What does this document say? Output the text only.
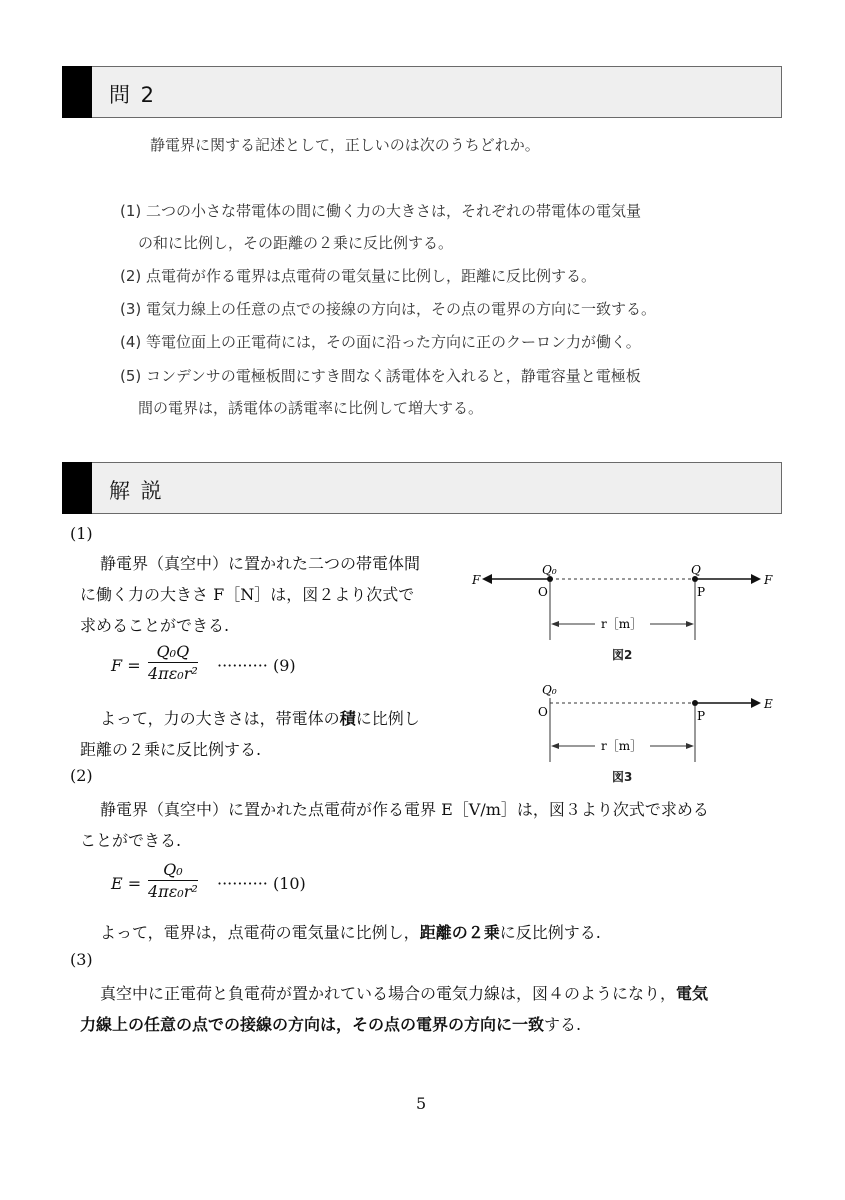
問 2
静電界に関する記述として，正しいのは次のうちどれか。
(1) 二つの小さな帯電体の間に働く力の大きさは，それぞれの帯電体の電気量
の和に比例し，その距離の２乗に反比例する。
(2) 点電荷が作る電界は点電荷の電気量に比例し，距離に反比例する。
(3) 電気力線上の任意の点での接線の方向は，その点の電界の方向に一致する。
(4) 等電位面上の正電荷には，その面に沿った方向に正のクーロン力が働く。
(5) コンデンサの電極板間にすき間なく誘電体を入れると，静電容量と電極板
間の電界は，誘電体の誘電率に比例して増大する。
解 説
(1)
静電界（真空中）に置かれた二つの帯電体間
に働く力の大きさ F［N］は，図２より次式で
求めることができる.
$F = \frac{\text{Q₀Q}}{\text{4πε₀r²}}$ ·········· (9)
よって，力の大きさは，帯電体の積に比例し
距離の２乗に反比例する.
Q₀	Q
O	P
F	F
r［m］
図2
Q₀
O	P
E
r［m］
図3
(2)
静電界（真空中）に置かれた点電荷が作る電界 E［V/m］は，図３より次式で求める
ことができる.
$E = \frac{\text{Q₀}}{\text{4πε₀r²}}$ ·········· (10)
よって，電界は，点電荷の電気量に比例し，距離の２乗に反比例する.
(3)
真空中に正電荷と負電荷が置かれている場合の電気力線は，図４のようになり，電気
力線上の任意の点での接線の方向は，その点の電界の方向に一致する.
5
